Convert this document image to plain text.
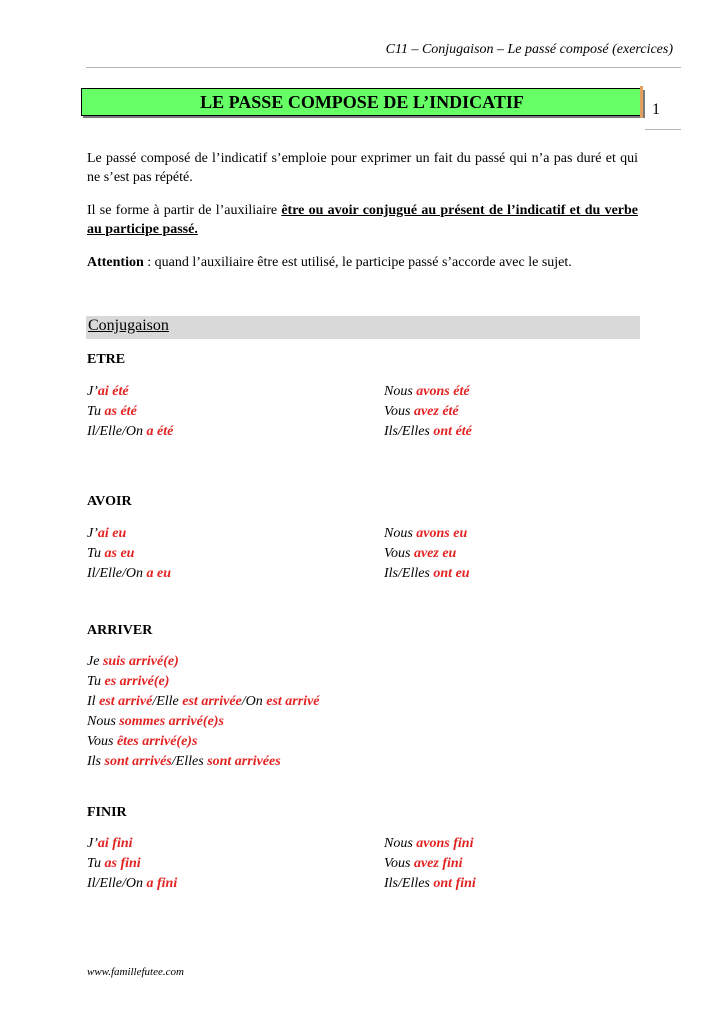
C11 – Conjugaison – Le passé composé (exercices)
LE PASSE COMPOSE DE L’INDICATIF	1

Le passé composé de l’indicatif s’emploie pour exprimer un fait du passé qui n’a pas duré et qui ne s’est pas répété.

Il se forme à partir de l’auxiliaire être ou avoir conjugué au présent de l’indicatif et du verbe au participe passé.

Attention : quand l’auxiliaire être est utilisé, le participe passé s’accorde avec le sujet.

Conjugaison
ETRE
J’ai été
Tu as été
Il/Elle/On a été
Nous avons été
Vous avez été
Ils/Elles ont été
AVOIR
J’ai eu
Tu as eu
Il/Elle/On a eu
Nous avons eu
Vous avez eu
Ils/Elles ont eu
ARRIVER
Je suis arrivé(e)
Tu es arrivé(e)
Il est arrivé/Elle est arrivée/On est arrivé
Nous sommes arrivé(e)s
Vous êtes arrivé(e)s
Ils sont arrivés/Elles sont arrivées
FINIR
J’ai fini
Tu as fini
Il/Elle/On a fini
Nous avons fini
Vous avez fini
Ils/Elles ont fini
www.famillefutee.com
